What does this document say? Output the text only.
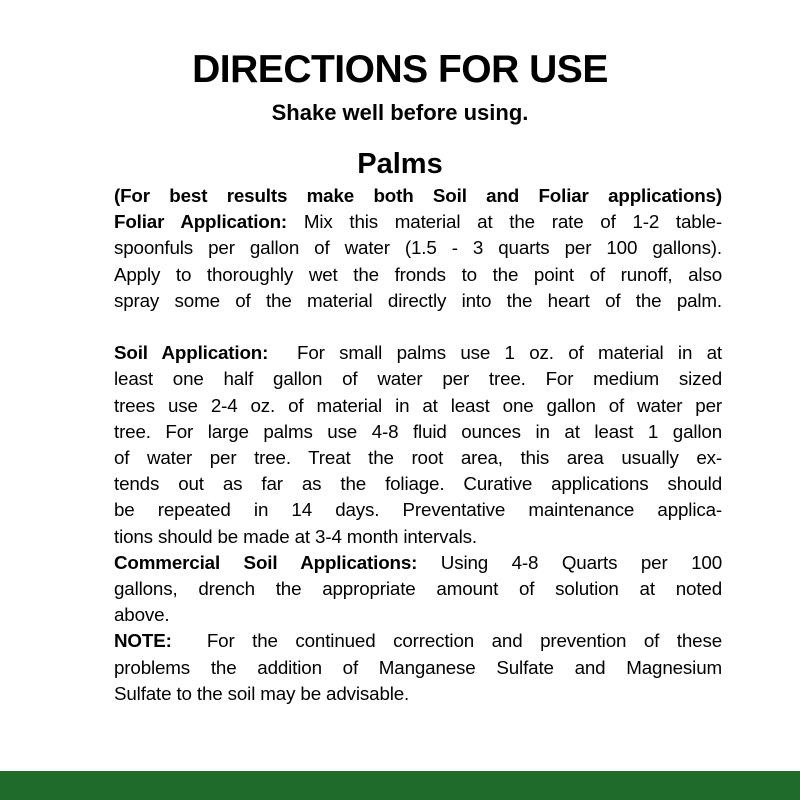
DIRECTIONS FOR USE
Shake well before using.
Palms
(For best results make both Soil and Foliar applications)
Foliar Application: Mix this material at the rate of 1-2 table-
spoonfuls per gallon of water (1.5 - 3 quarts per 100 gallons).
Apply to thoroughly wet the fronds to the point of runoff, also
spray some of the material directly into the heart of the palm.
Soil Application: For small palms use 1 oz. of material in at
least one half gallon of water per tree. For medium sized
trees use 2-4 oz. of material in at least one gallon of water per
tree. For large palms use 4-8 fluid ounces in at least 1 gallon
of water per tree. Treat the root area, this area usually ex-
tends out as far as the foliage. Curative applications should
be repeated in 14 days. Preventative maintenance applica-
tions should be made at 3-4 month intervals.
Commercial Soil Applications: Using 4-8 Quarts per 100
gallons, drench the appropriate amount of solution at noted
above.
NOTE: For the continued correction and prevention of these
problems the addition of Manganese Sulfate and Magnesium
Sulfate to the soil may be advisable.
